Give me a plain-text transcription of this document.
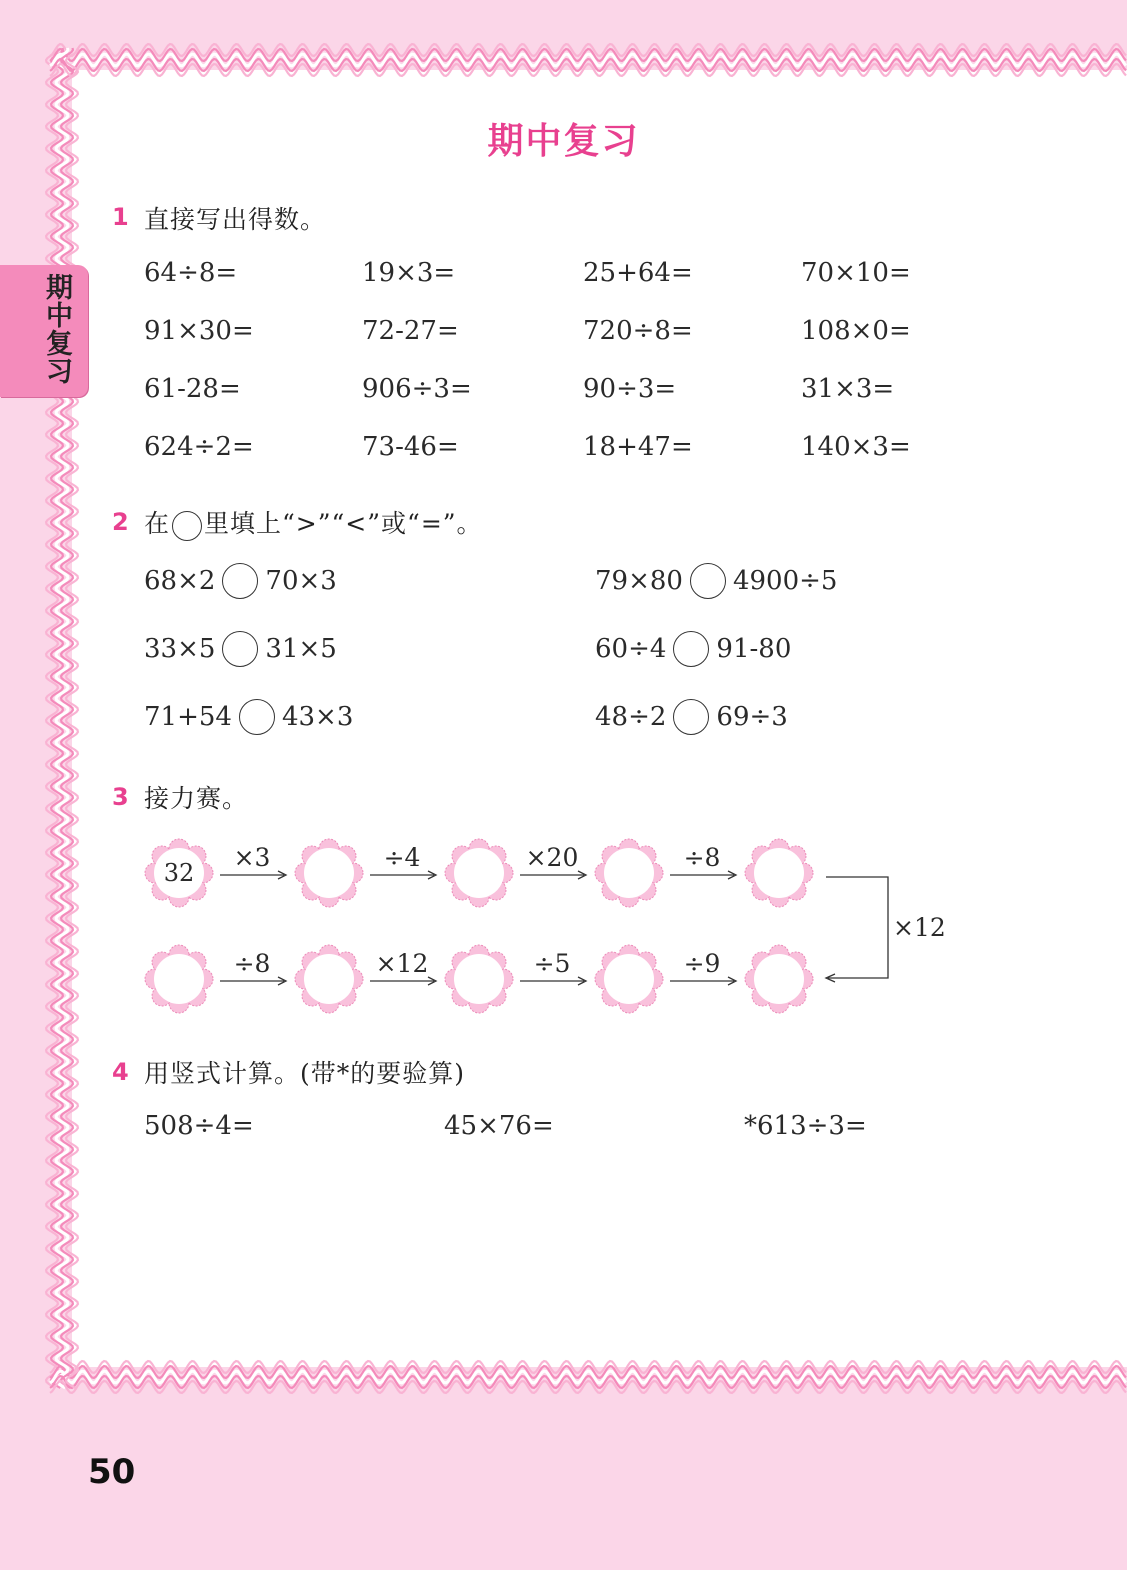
期中复习
期中复习
1 直接写出得数。
64÷8=	19×3=	25+64=	70×10=
91×30=	72-27=	720÷8=	108×0=
61-28=	906÷3=	90÷3=	31×3=
624÷2=	73-46=	18+47=	140×3=
2 在 里填上“>”“<”或“=”。
68×2 70×3	79×80 4900÷5
33×5 31×5	60÷4 91-80
71+54 43×3	48÷2 69÷3
3 接力赛。
32
×3	÷4	×20	÷8
×12
÷8	×12	÷5	÷9
4 用竖式计算。(带*的要验算)
508÷4=	45×76=	*613÷3=
50
